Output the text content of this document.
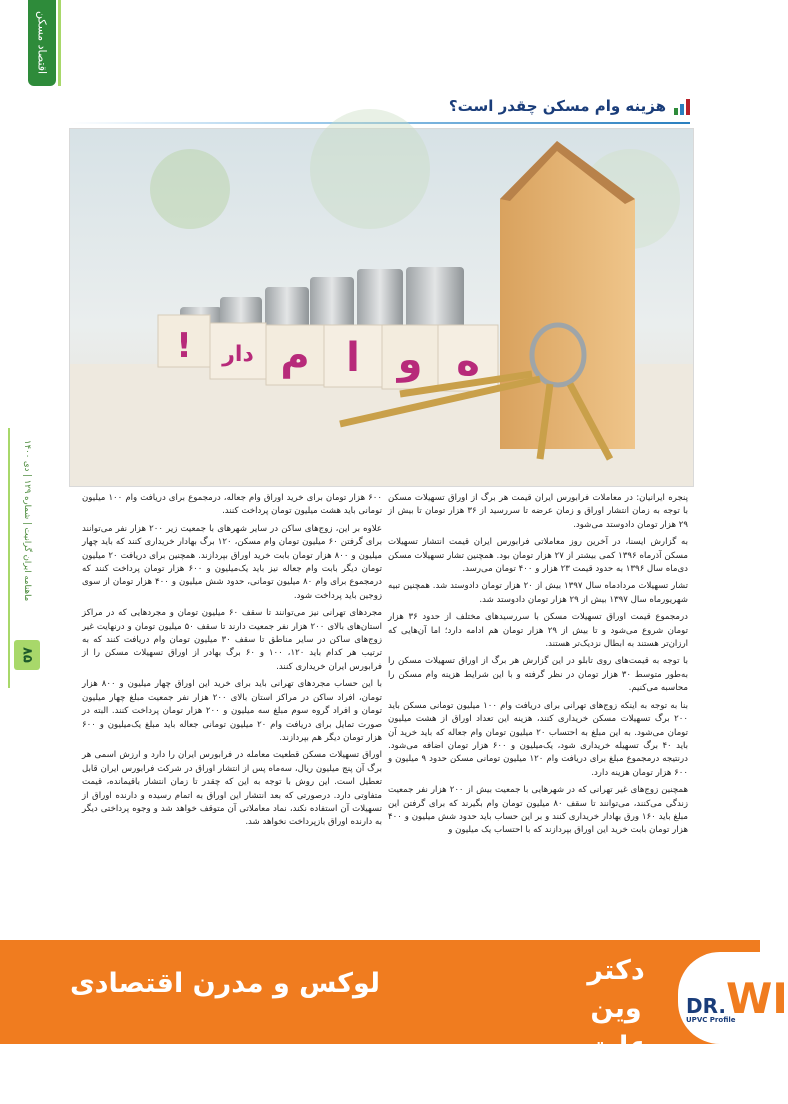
اقتصاد مسکن
هزینه وام مسکن چقدر است؟
! دار م ا و ه
ماهنامه ایران گرانیت | شماره ۱۲۹ | دی ۱۴۰۰
۸۵

پنجره ایرانیان: در معاملات فرابورس ایران قیمت هر برگ از اوراق تسهیلات مسکن با توجه به زمان انتشار اوراق و زمان عرضه تا سررسید از ۳۶ هزار تومان تا بیش از ۲۹ هزار تومان داد‌وستد می‌شود.

به گزارش ایسنا، در آخرین روز معاملاتی فرابورس ایران قیمت انتشار تسهیلات مسکن آذرماه ۱۳۹۶ کمی بیشتر از ۲۷ هزار تومان بود. همچنین تشار تسهیلات مسکن دی‌ماه سال ۱۳۹۶ به حدود قیمت ۲۳ هزار و ۴۰۰ تومان می‌رسد.

تشار تسهیلات مردادماه سال ۱۳۹۷ بیش از ۲۰ هزار تومان داد‌وستد شد. همچنین تبیه شهریور‌ماه سال ۱۳۹۷ بیش از ۲۹ هزار تومان داد‌وستد شد.

درمجموع قیمت اوراق تسهیلات مسکن با سررسیدهای مختلف از حدود ۳۶ هزار تومان شروع می‌شود و تا بیش از ۲۹ هزار تومان هم ادامه دارد؛ اما آن‌هایی که ارزان‌تر هستند به ابطال نزدیک‌تر هستند.

با توجه به قیمت‌های روی تابلو در این گزارش هر برگ از اوراق تسهیلات مسکن را به‌طور متوسط ۳۰ هزار تومان در نظر گرفته و با این شرایط هزینه وام مسکن را محاسبه می‌کنیم.

بنا به توجه به اینکه زوج‌های تهرانی برای دریافت وام ۱۰۰ میلیون تومانی مسکن باید ۲۰۰ برگ تسهیلات مسکن خریداری کنند، هزینه این تعداد اوراق از هشت میلیون تومان می‌شود. به این مبلغ به احتساب ۲۰ میلیون تومان وام جعاله که باید خرید آن باید ۴۰ برگ تسهیله خریداری شود، یک‌میلیون و ۶۰۰ هزار تومان اضافه می‌شود. درنتیجه درمجموع مبلغ برای دریافت وام ۱۲۰ میلیون تومانی مسکن حدود ۹ میلیون و ۶۰۰ هزار تومان هزینه دارد.

همچنین زوج‌های غیر تهرانی که در شهرهایی با جمعیت بیش از ۲۰۰ هزار نفر جمعیت زندگی می‌کنند، می‌توانند تا سقف ۸۰ میلیون تومان وام بگیرند که برای گرفتن این مبلغ باید ۱۶۰ ورق بهادار خریداری کنند و بر این حساب باید حدود شش میلیون و ۴۰۰ هزار تومان بابت خرید این اوراق بپردازند که با احتساب یک میلیون و

۶۰۰ هزار تومان برای خرید اوراق وام جعاله، درمجموع برای دریافت وام ۱۰۰ میلیون تومانی باید هشت میلیون تومان پرداخت کنند.

علاوه بر این، زوج‌های ساکن در سایر شهرهای با جمعیت زیر ۲۰۰ هزار نفر می‌توانند برای گرفتن ۶۰ میلیون تومان وام مسکن، ۱۲۰ برگ بهادار خریداری کنند که باید چهار میلیون و ۸۰۰ هزار تومان بابت خرید اوراق بپردازند. همچنین برای دریافت ۲۰ میلیون تومان دیگر بابت وام جعاله نیز باید یک‌میلیون و ۶۰۰ هزار تومان پرداخت کنند که درمجموع برای وام ۸۰ میلیون تومانی، حدود شش میلیون و ۴۰۰ هزار تومان از سوی زوجین باید پرداخت شود.

مجردهای تهرانی نیز می‌توانند تا سقف ۶۰ میلیون تومان و مجردهایی که در مراکز استان‌های بالای ۲۰۰ هزار نفر جمعیت دارند تا سقف ۵۰ میلیون تومان و درنهایت غیر زوج‌های ساکن در سایر مناطق تا سقف ۳۰ میلیون تومان وام دریافت کنند که به ترتیب هر کدام باید ۱۲۰، ۱۰۰ و ۶۰ برگ بهادر از اوراق تسهیلات مسکن را از فرابورس ایران خریداری کنند.

با این حساب مجردهای تهرانی باید برای خرید این اوراق چهار میلیون و ۸۰۰ هزار تومان، افراد ساکن در مراکز استان بالای ۲۰۰ هزار نفر جمعیت مبلغ چهار میلیون تومان و افراد گروه سوم مبلغ سه میلیون و ۲۰۰ هزار تومان پرداخت کنند. البته در صورت تمایل برای دریافت وام ۲۰ میلیون تومانی جعاله باید مبلغ یک‌میلیون و ۶۰۰ هزار تومان دیگر هم بپردازند.

اوراق تسهیلات مسکن قطعیت معامله در فرابورس ایران را دارد و ارزش اسمی هر برگ آن پنج میلیون ریال، سه‌ماه پس از انتشار اوراق در شرکت فرابورس ایران قابل تعطیل است. این روش با توجه به این که چقدر تا زمان انتشار باقیمانده، قیمت متفاوتی دارد. درصورتی که بعد انتشار این اوراق به اتمام رسیده و دارنده اوراق از تسهیلات آن استفاده نکند، نماد معاملاتی آن متوقف خواهد شد و وجوه پرداختی دیگر به دارنده اوراق بازپرداخت نخواهد شد.

لوکس و مدرن اقتصادی	دکتر وین
عایق نوین
DR.WI
UPVC Profile
